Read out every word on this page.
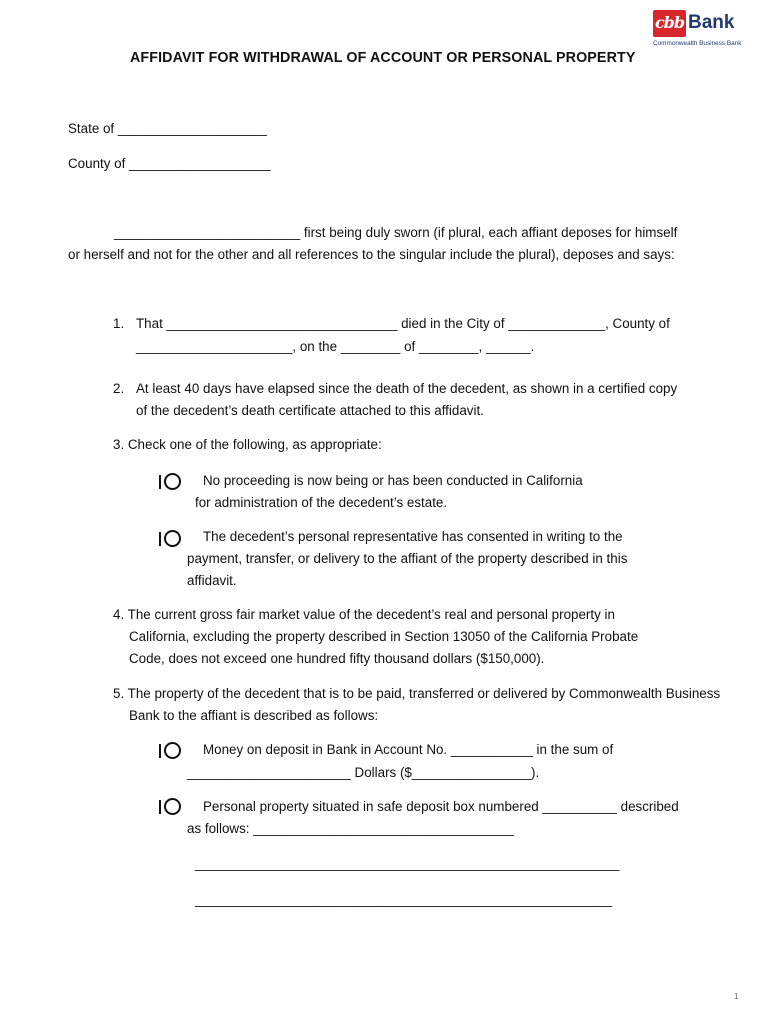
cbb Bank
Commonwealth Business Bank
AFFIDAVIT FOR WITHDRAWAL OF ACCOUNT OR PERSONAL PROPERTY
State of ____________________
County of ___________________
_________________________ first being duly sworn (if plural, each affiant deposes for himself
or herself and not for the other and all references to the singular include the plural), deposes and says:
1. That _______________________________ died in the City of _____________, County of
_____________________, on the ________ of ________, ______.
2. At least 40 days have elapsed since the death of the decedent, as shown in a certified copy
of the decedent’s death certificate attached to this affidavit.
3. Check one of the following, as appropriate:
No proceeding is now being or has been conducted in California
for administration of the decedent’s estate.
The decedent’s personal representative has consented in writing to the
payment, transfer, or delivery to the affiant of the property described in this
affidavit.
4. The current gross fair market value of the decedent’s real and personal property in
California, excluding the property described in Section 13050 of the California Probate
Code, does not exceed one hundred fifty thousand dollars ($150,000).
5. The property of the decedent that is to be paid, transferred or delivered by Commonwealth Business
Bank to the affiant is described as follows:
Money on deposit in Bank in Account No. ___________ in the sum of
______________________ Dollars ($________________).
Personal property situated in safe deposit box numbered __________ described
as follows: ___________________________________
_________________________________________________________
________________________________________________________
1
